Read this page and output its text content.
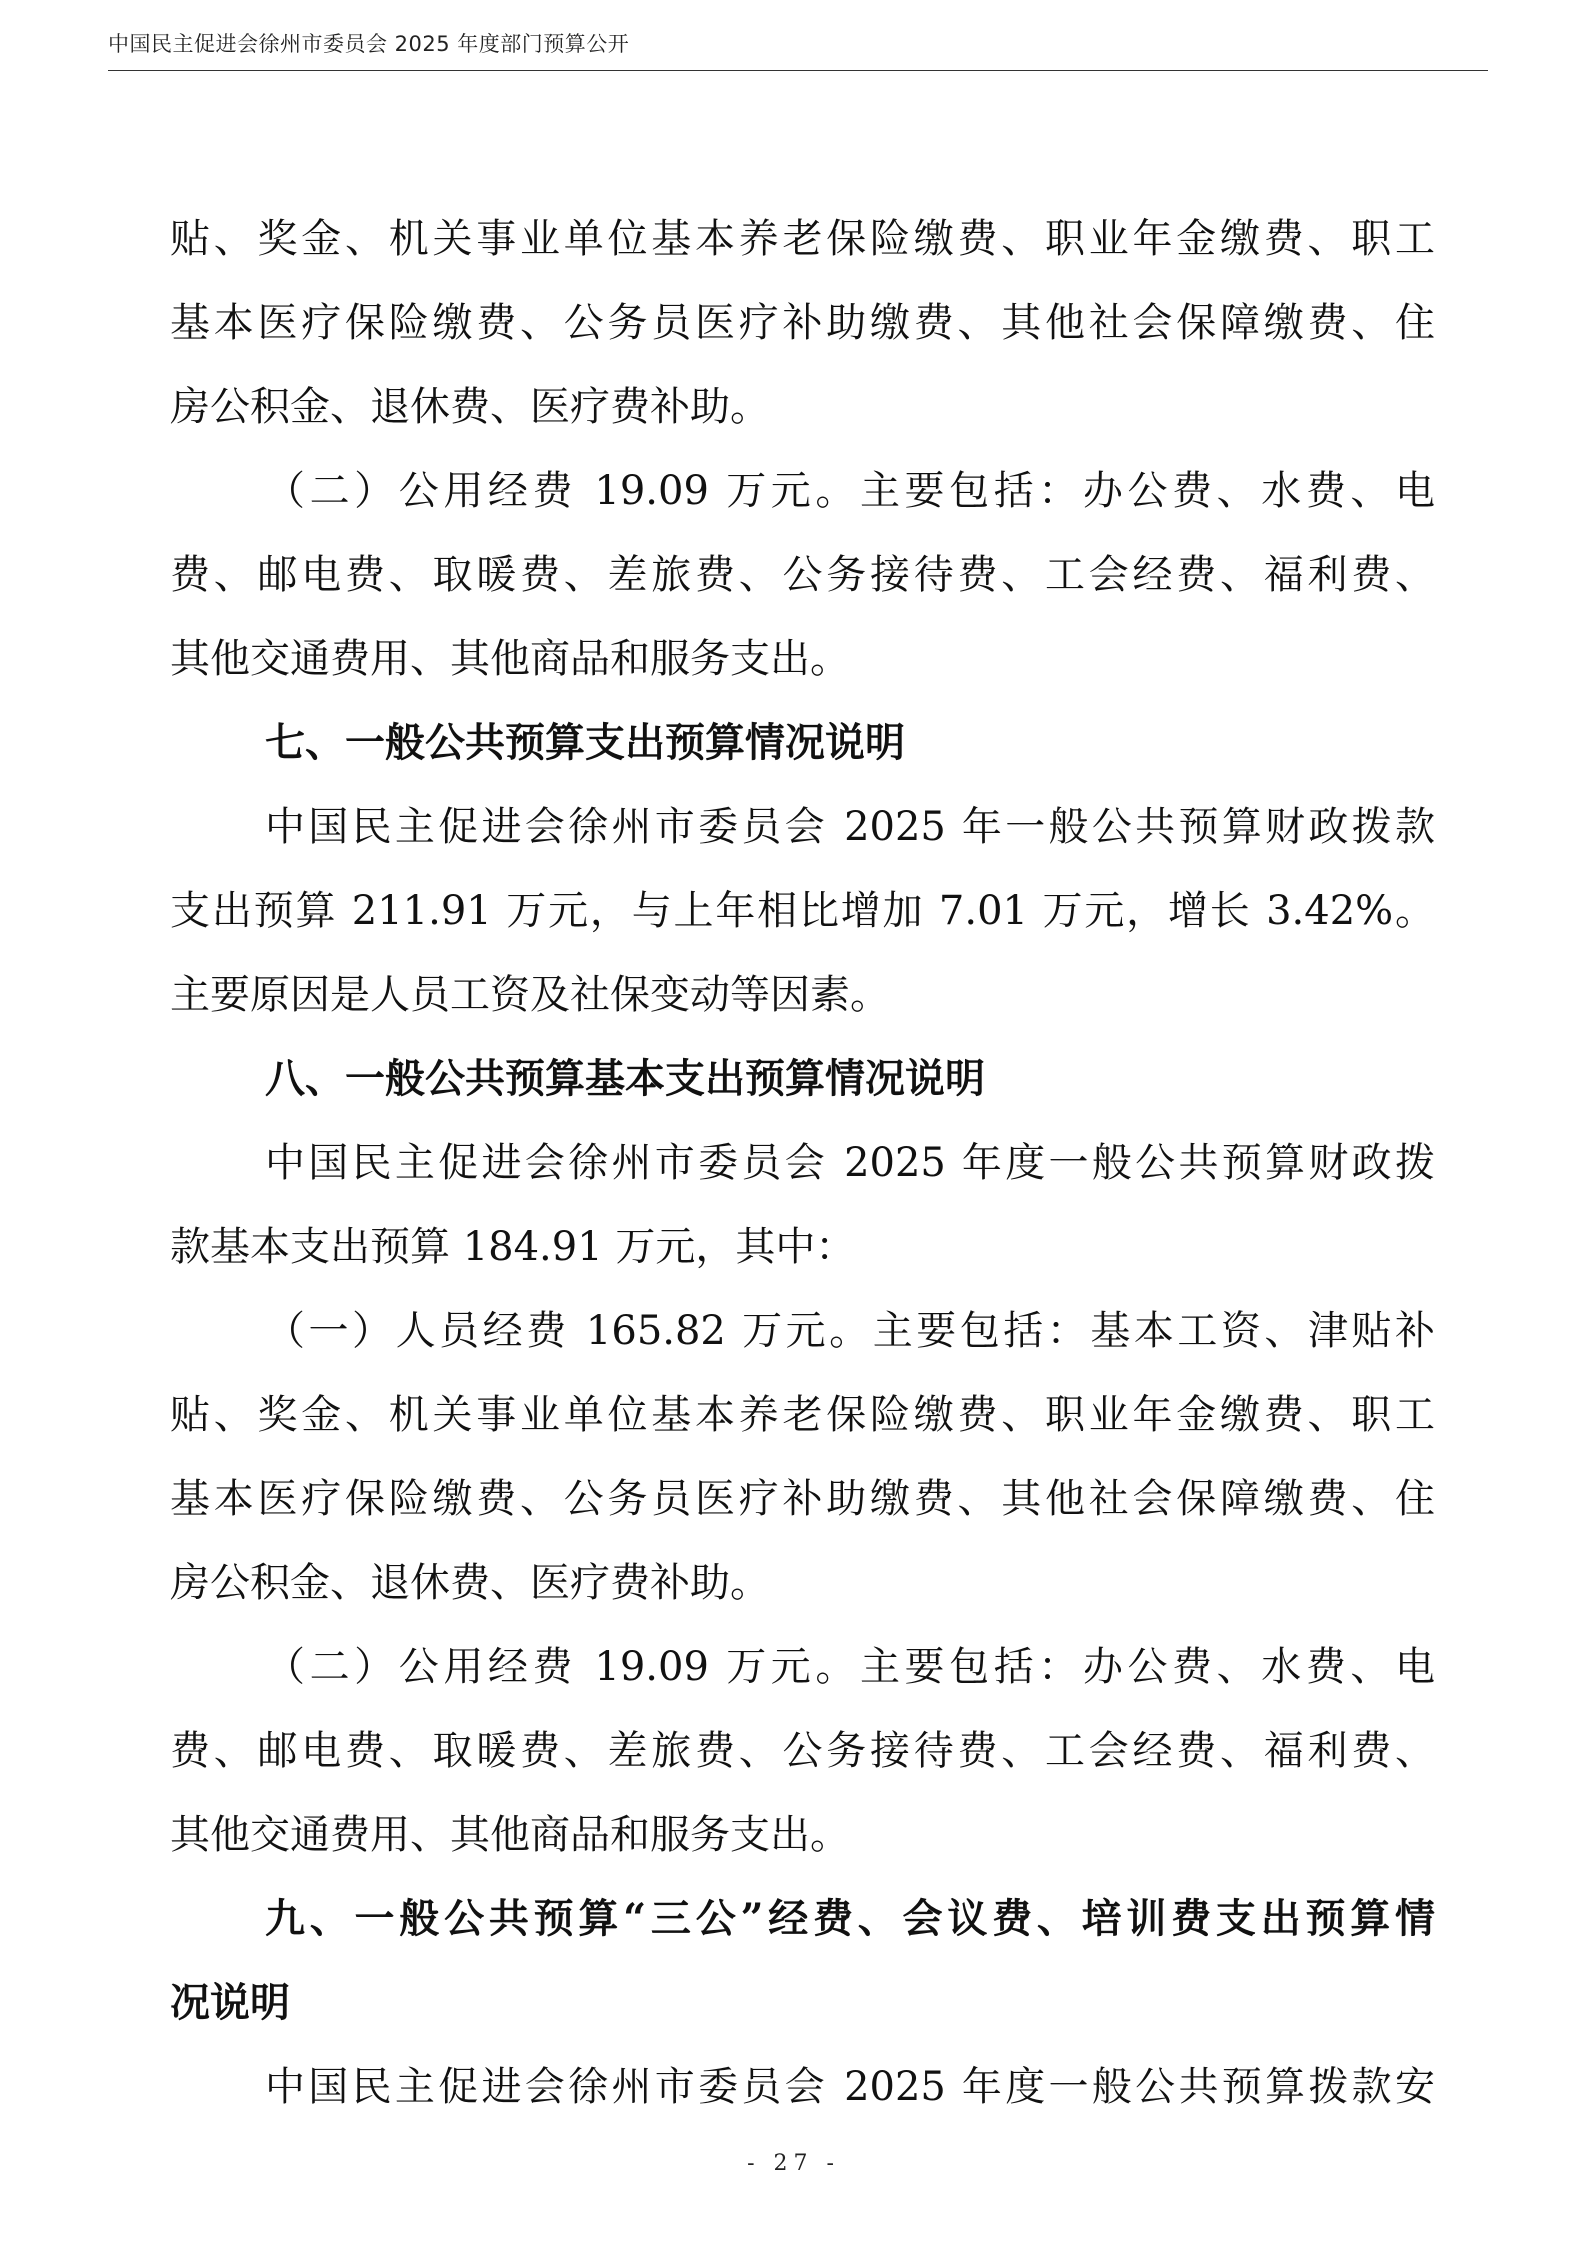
中国民主促进会徐州市委员会 2025 年度部门预算公开
贴、奖金、机关事业单位基本养老保险缴费、职业年金缴费、职工
基本医疗保险缴费、公务员医疗补助缴费、其他社会保障缴费、住
房公积金、退休费、医疗费补助。
（二）公用经费 19.09 万元。主要包括：办公费、水费、电
费、邮电费、取暖费、差旅费、公务接待费、工会经费、福利费、
其他交通费用、其他商品和服务支出。
七、一般公共预算支出预算情况说明
中国民主促进会徐州市委员会 2025 年一般公共预算财政拨款
支出预算 211.91 万元，与上年相比增加 7.01 万元，增长 3.42%。
主要原因是人员工资及社保变动等因素。
八、一般公共预算基本支出预算情况说明
中国民主促进会徐州市委员会 2025 年度一般公共预算财政拨
款基本支出预算 184.91 万元，其中：
（一）人员经费 165.82 万元。主要包括：基本工资、津贴补
贴、奖金、机关事业单位基本养老保险缴费、职业年金缴费、职工
基本医疗保险缴费、公务员医疗补助缴费、其他社会保障缴费、住
房公积金、退休费、医疗费补助。
（二）公用经费 19.09 万元。主要包括：办公费、水费、电
费、邮电费、取暖费、差旅费、公务接待费、工会经费、福利费、
其他交通费用、其他商品和服务支出。
九、一般公共预算“三公”经费、会议费、培训费支出预算情
况说明
中国民主促进会徐州市委员会 2025 年度一般公共预算拨款安
- 27 -
